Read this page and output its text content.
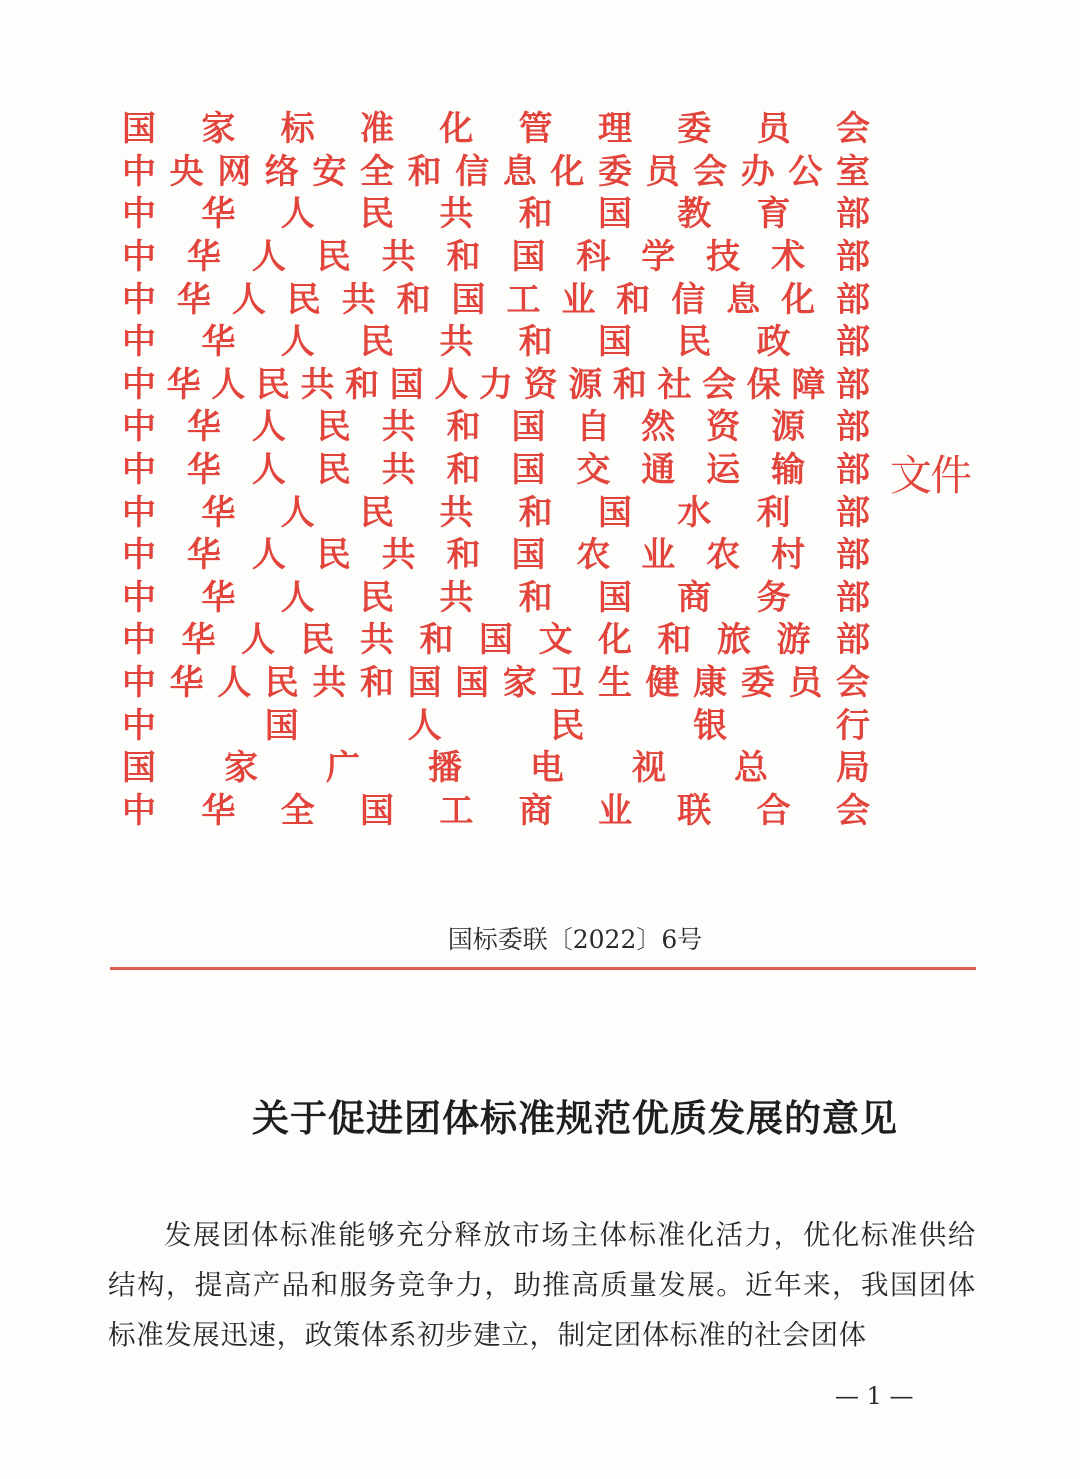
国 家 标 准 化 管 理 委 员 会
中 央 网 络 安 全 和 信 息 化 委 员 会 办 公 室
中 华 人 民 共 和 国 教 育 部
中 华 人 民 共 和 国 科 学 技 术 部
中 华 人 民 共 和 国 工 业 和 信 息 化 部
中 华 人 民 共 和 国 民 政 部
中 华 人 民 共 和 国 人 力 资 源 和 社 会 保 障 部
中 华 人 民 共 和 国 自 然 资 源 部
中 华 人 民 共 和 国 交 通 运 输 部
中 华 人 民 共 和 国 水 利 部
中 华 人 民 共 和 国 农 业 农 村 部
中 华 人 民 共 和 国 商 务 部
中 华 人 民 共 和 国 文 化 和 旅 游 部
中 华 人 民 共 和 国 国 家 卫 生 健 康 委 员 会
中	国	人	民	银	行
国 家 广 播 电 视 总 局
中 华 全 国 工 商 业 联 合 会
文件
国标委联〔2022〕6号
关于促进团体标准规范优质发展的意见

发展团体标准能够充分释放市场主体标准化活力，优化标准供给结构，提高产品和服务竞争力，助推高质量发展。近年来，我国团体标准发展迅速，政策体系初步建立，制定团体标准的社会团体

— 1 —
